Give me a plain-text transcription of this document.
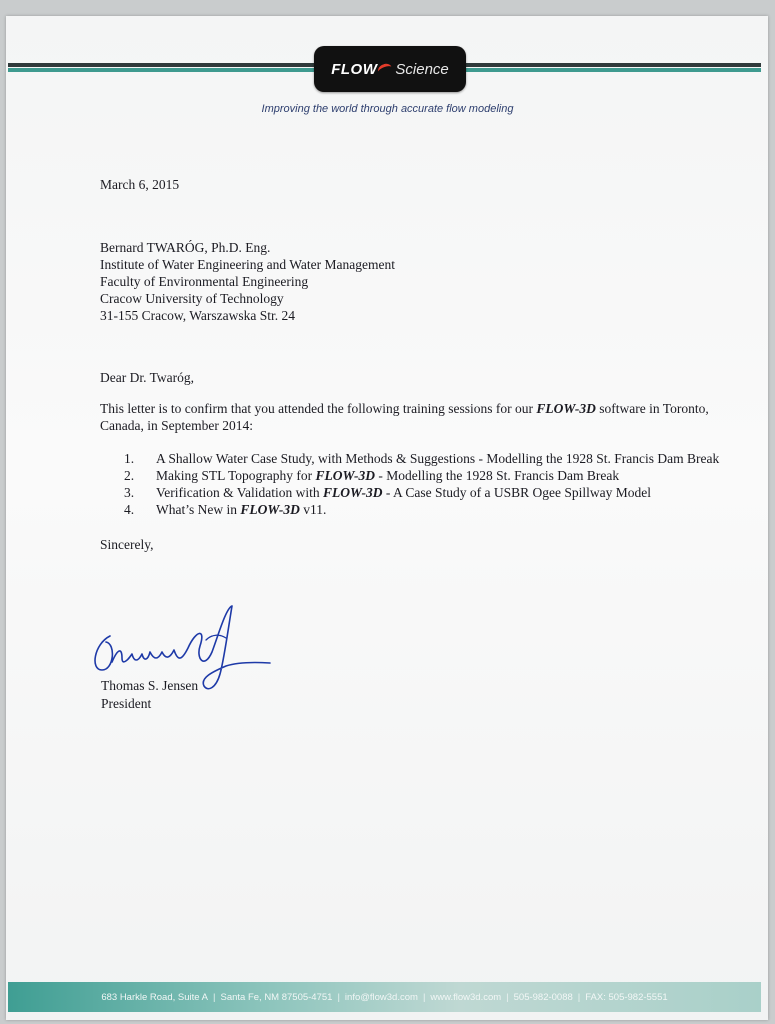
FLOW Science
Improving the world through accurate flow modeling

March 6, 2015

Bernard TWARÓG, Ph.D. Eng.
Institute of Water Engineering and Water Management
Faculty of Environmental Engineering
Cracow University of Technology
31-155 Cracow, Warszawska Str. 24

Dear Dr. Twaróg,

This letter is to confirm that you attended the following training sessions for our FLOW-3D software in Toronto, Canada, in September 2014:

1.	A Shallow Water Case Study, with Methods & Suggestions - Modelling the 1928 St. Francis Dam Break
2.	Making STL Topography for FLOW-3D - Modelling the 1928 St. Francis Dam Break
3.	Verification & Validation with FLOW-3D - A Case Study of a USBR Ogee Spillway Model
4.	What’s New in FLOW-3D v11.

Sincerely,

Thomas S. Jensen
President
683 Harkle Road, Suite A | Santa Fe, NM 87505-4751 | info@flow3d.com | www.flow3d.com | 505-982-0088 | FAX: 505-982-5551
